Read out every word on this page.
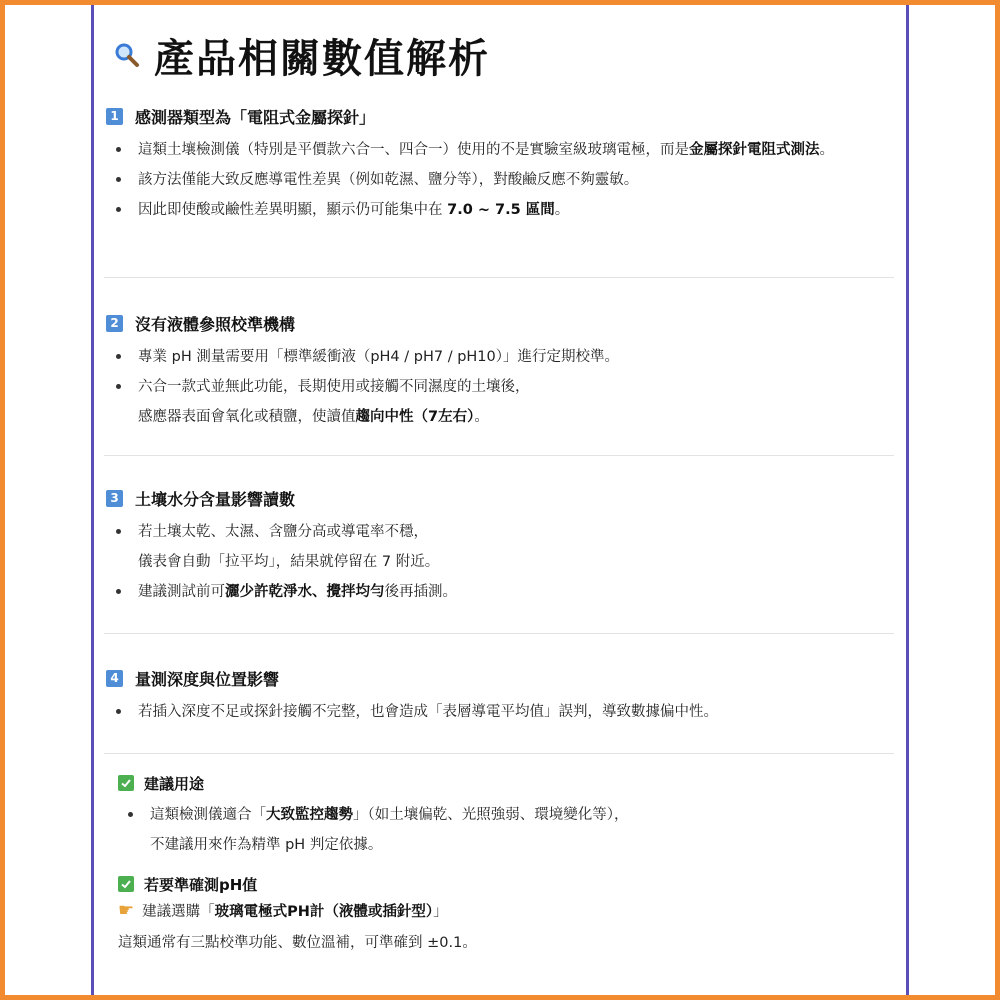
產品相關數值解析
1 感測器類型為「電阻式金屬探針」
這類土壤檢測儀（特別是平價款六合一、四合一）使用的不是實驗室級玻璃電極，而是金屬探針電阻式測法。
該方法僅能大致反應導電性差異（例如乾濕、鹽分等），對酸鹼反應不夠靈敏。
因此即使酸或鹼性差異明顯，顯示仍可能集中在 7.0 ~ 7.5 區間。
2 沒有液體參照校準機構
專業 pH 測量需要用「標準緩衝液（pH4 / pH7 / pH10）」進行定期校準。
六合一款式並無此功能，長期使用或接觸不同濕度的土壤後，
感應器表面會氧化或積鹽，使讀值趨向中性（7左右）。
3 土壤水分含量影響讀數
若土壤太乾、太濕、含鹽分高或導電率不穩，
儀表會自動「拉平均」，結果就停留在 7 附近。
建議測試前可灑少許乾淨水、攪拌均勻後再插測。
4 量測深度與位置影響
若插入深度不足或探針接觸不完整，也會造成「表層導電平均值」誤判，導致數據偏中性。
建議用途
這類檢測儀適合「大致監控趨勢」（如土壤偏乾、光照強弱、環境變化等），
不建議用來作為精準 pH 判定依據。
若要準確測pH值
☛ 建議選購「玻璃電極式PH計（液體或插針型）」
這類通常有三點校準功能、數位溫補，可準確到 ±0.1。
